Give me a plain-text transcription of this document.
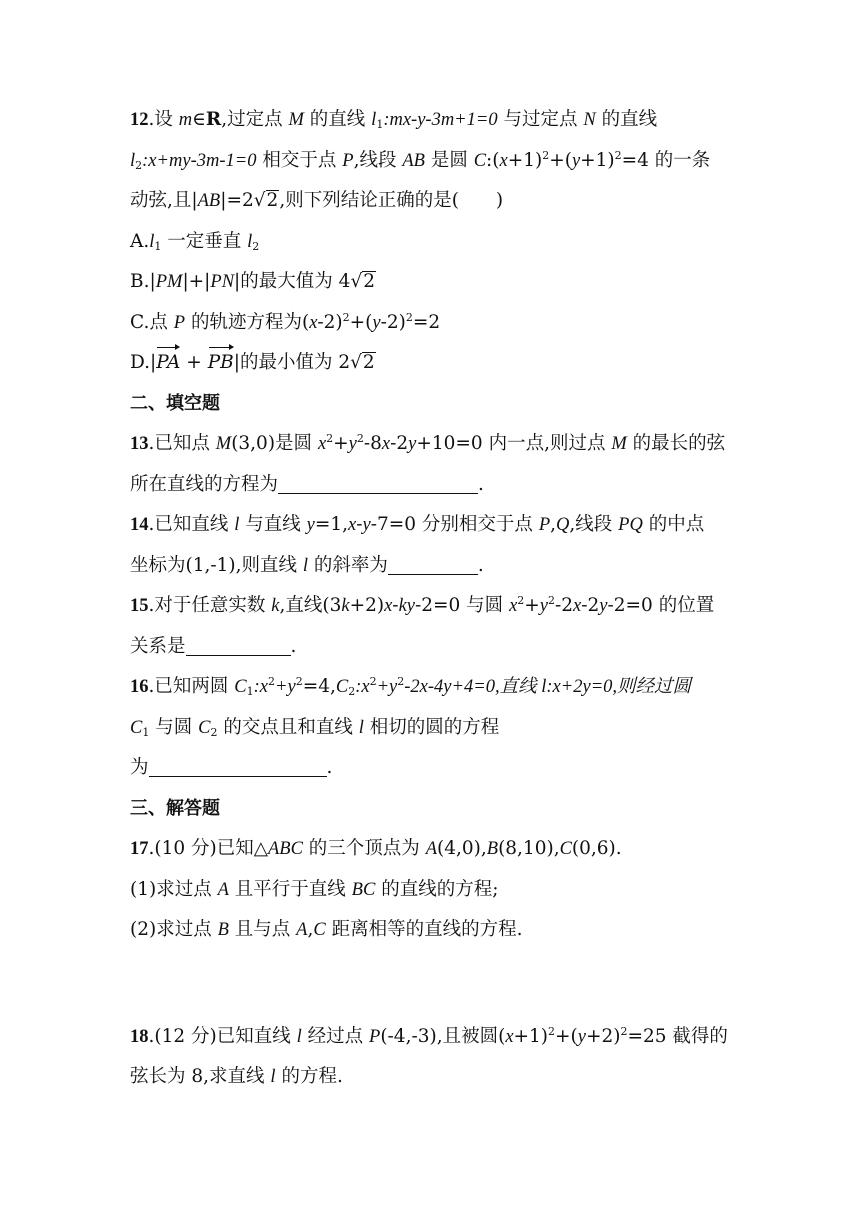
12.设 m∈R,过定点 M 的直线 $l_1:mx-y-3m+1=0$ 与过定点 N 的直线
$l_2:x+my-3m-1=0$ 相交于点 P,线段 AB 是圆 $C:(x+1)^2+(y+1)^2=4$ 的一条
动弦,且|AB|=2√2,则下列结论正确的是(　　)
$A.l_1$ 一定垂直 $l_2$
B.|PM|+|PN|的最大值为 4√2
C.点 P 的轨迹方程为$(x-2)^2+(y-2)^2=2$
D.|PA + PB|的最小值为 2√2
二、填空题
13.已知点 M(3,0)是圆 $x^2+y^2-8x-2y+10=0$ 内一点,则过点 M 的最长的弦
所在直线的方程为	.
14.已知直线 l 与直线 y=1,x-y-7=0 分别相交于点 P,Q,线段 PQ 的中点
坐标为(1,-1),则直线 l 的斜率为	.
15.对于任意实数 k,直线(3k+2)x-ky-2=0 与圆 $x^2+y^2-2x-2y-2=0$ 的位置
关系是	.
16.已知两圆 $C_1:x^2+y^2=4,C_2:x^2+y^2-2x-4y+4=0$,直线 l:x+2y=0,则经过圆
$C_1$ 与圆 $C_2$ 的交点且和直线 l 相切的圆的方程
为	.
三、解答题
17.(10 分)已知△ABC 的三个顶点为 A(4,0),B(8,10),C(0,6).
(1)求过点 A 且平行于直线 BC 的直线的方程;
(2)求过点 B 且与点 A,C 距离相等的直线的方程.
18.(12 分)已知直线 l 经过点 P(-4,-3),且被圆$(x+1)^2+(y+2)^2=25$ 截得的
弦长为 8,求直线 l 的方程.
